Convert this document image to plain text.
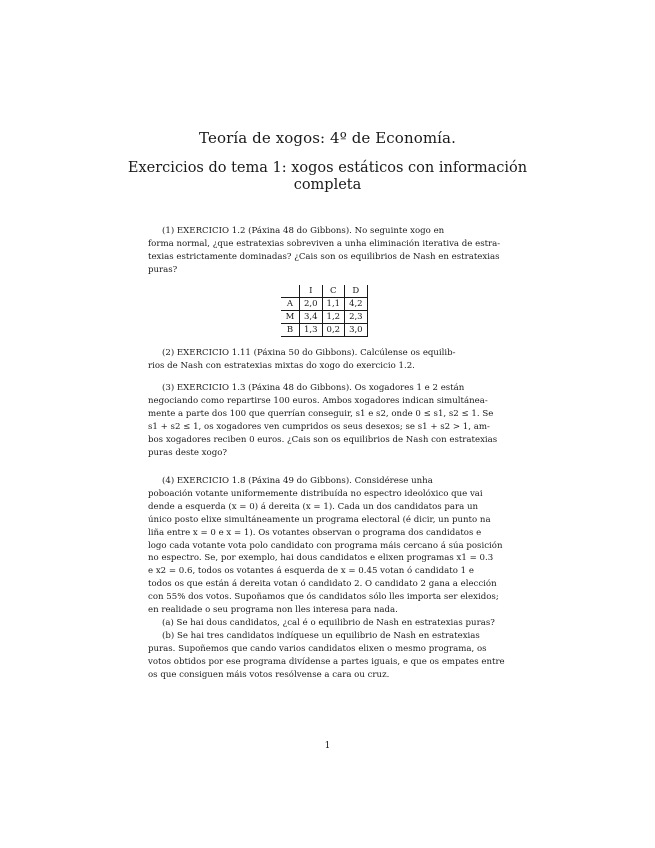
Teoría de xogos: 4º de Economía.
Exercicios do tema 1: xogos estáticos con información
completa
(1) EXERCICIO 1.2 (Páxina 48 do Gibbons). No seguinte xogo en
forma normal, ¿que estratexias sobreviven a unha eliminación iterativa de estra-
texias estrictamente dominadas? ¿Cais son os equilibrios de Nash en estratexias
puras?
	I	C	D
A	2,0	1,1	4,2
M	3,4	1,2	2,3
B	1,3	0,2	3,0
(2) EXERCICIO 1.11 (Páxina 50 do Gibbons). Calcúlense os equilib-
rios de Nash con estratexias mixtas do xogo do exercicio 1.2.
(3) EXERCICIO 1.3 (Páxina 48 do Gibbons). Os xogadores 1 e 2 están
negociando como repartirse 100 euros. Ambos xogadores indican simultánea-
mente a parte dos 100 que querrían conseguir, s1 e s2, onde 0 ≤ s1, s2 ≤ 1. Se
s1 + s2 ≤ 1, os xogadores ven cumpridos os seus desexos; se s1 + s2 > 1, am-
bos xogadores reciben 0 euros. ¿Cais son os equilibrios de Nash con estratexias
puras deste xogo?
(4) EXERCICIO 1.8 (Páxina 49 do Gibbons). Considérese unha
poboación votante uniformemente distribuída no espectro ideolóxico que vai
dende a esquerda (x = 0) á dereita (x = 1). Cada un dos candidatos para un
único posto elixe simultáneamente un programa electoral (é dicir, un punto na
liña entre x = 0 e x = 1). Os votantes observan o programa dos candidatos e
logo cada votante vota polo candidato con programa máis cercano á súa posición
no espectro. Se, por exemplo, hai dous candidatos e elixen programas x1 = 0.3
e x2 = 0.6, todos os votantes á esquerda de x = 0.45 votan ó candidato 1 e
todos os que están á dereita votan ó candidato 2. O candidato 2 gana a elección
con 55% dos votos. Supoñamos que ós candidatos sólo lles importa ser elexidos;
en realidade o seu programa non lles interesa para nada.
(a) Se hai dous candidatos, ¿cal é o equilibrio de Nash en estratexias puras?
(b) Se hai tres candidatos indíquese un equilibrio de Nash en estratexias
puras. Supoñemos que cando varios candidatos elixen o mesmo programa, os
votos obtidos por ese programa divídense a partes iguais, e que os empates entre
os que consiguen máis votos resólvense a cara ou cruz.
1
